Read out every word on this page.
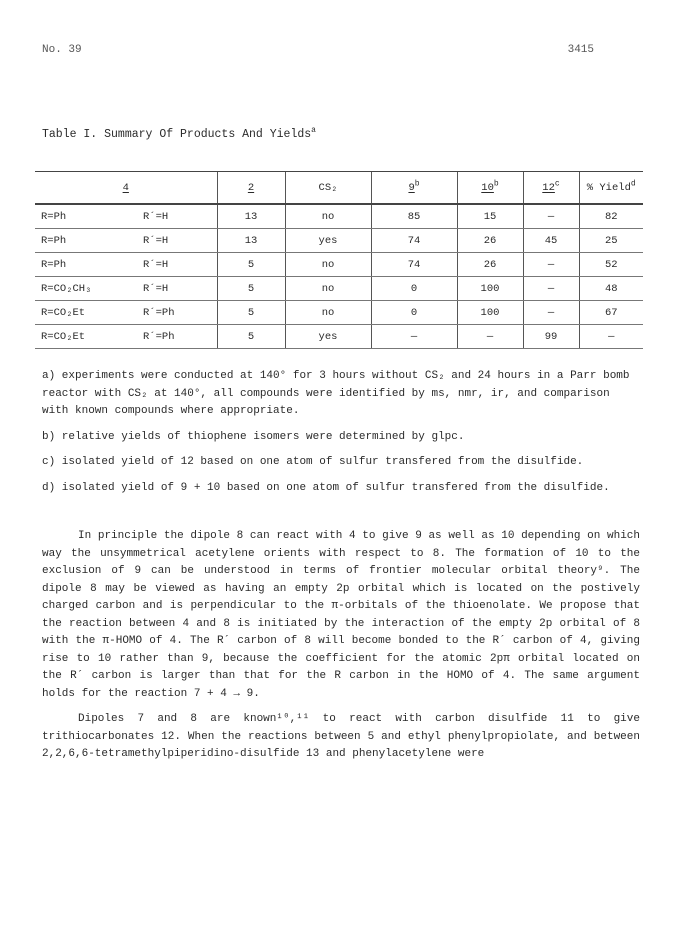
No. 39	3415
Table I. Summary Of Products And Yields$^a$
4		2	CS₂	9$^b$	10$^b$	12$^c$	% Yield$^d$
R=Ph	R´=H	13	no	85	15	—	82
R=Ph	R´=H	13	yes	74	26	45	25
R=Ph	R´=H	5	no	74	26	—	52
R=CO₂CH₃	R´=H	5	no	0	100	—	48
R=CO₂Et	R´=Ph	5	no	0	100	—	67
R=CO₂Et	R´=Ph	5	yes	—	—	99	—

a) experiments were conducted at 140° for 3 hours without CS₂ and 24 hours in a Parr bomb reactor with CS₂ at 140°, all compounds were identified by ms, nmr, ir, and comparison with known compounds where appropriate.

b) relative yields of thiophene isomers were determined by glpc.

c) isolated yield of 12 based on one atom of sulfur transfered from the disulfide.

d) isolated yield of 9 + 10 based on one atom of sulfur transfered from the disulfide.

In principle the dipole 8 can react with 4 to give 9 as well as 10 depending on which way the unsymmetrical acetylene orients with respect to 8. The formation of 10 to the exclusion of 9 can be understood in terms of frontier molecular orbital theory⁹. The dipole 8 may be viewed as having an empty 2p orbital which is located on the postively charged carbon and is perpendicular to the π-orbitals of the thioenolate. We propose that the reaction between 4 and 8 is initiated by the interaction of the empty 2p orbital of 8 with the π-HOMO of 4. The R´ carbon of 8 will become bonded to the R´ carbon of 4, giving rise to 10 rather than 9, because the coefficient for the atomic 2pπ orbital located on the R´ carbon is larger than that for the R carbon in the HOMO of 4. The same argument holds for the reaction 7 + 4 → 9.

Dipoles 7 and 8 are known¹⁰,¹¹ to react with carbon disulfide 11 to give trithiocarbonates 12. When the reactions between 5 and ethyl phenylpropiolate, and between 2,2,6,6-tetramethylpiperidino-disulfide 13 and phenylacetylene were
